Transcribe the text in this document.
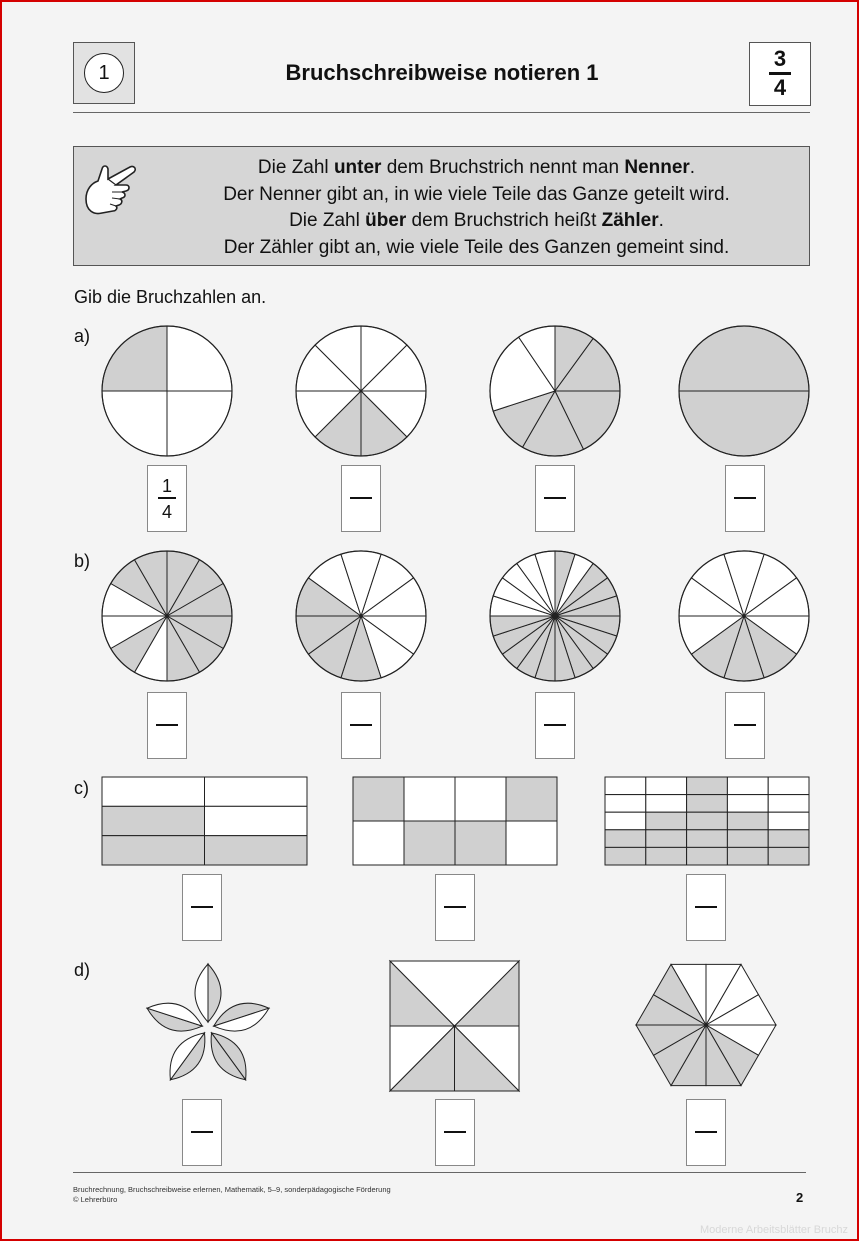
1	Bruchschreibweise notieren 1
3
4
Die Zahl unter dem Bruchstrich nennt man Nenner.
Der Nenner gibt an, in wie viele Teile das Ganze geteilt wird.
Die Zahl über dem Bruchstrich heißt Zähler.
Der Zähler gibt an, wie viele Teile des Ganzen gemeint sind.
Gib die Bruchzahlen an.
a)
b)
c)
d)
1
4
Bruchrechnung, Bruchschreibweise erlernen, Mathematik, 5–9, sonderpädagogische Förderung
© Lehrerbüro	2
Moderne Arbeitsblätter Bruchz
